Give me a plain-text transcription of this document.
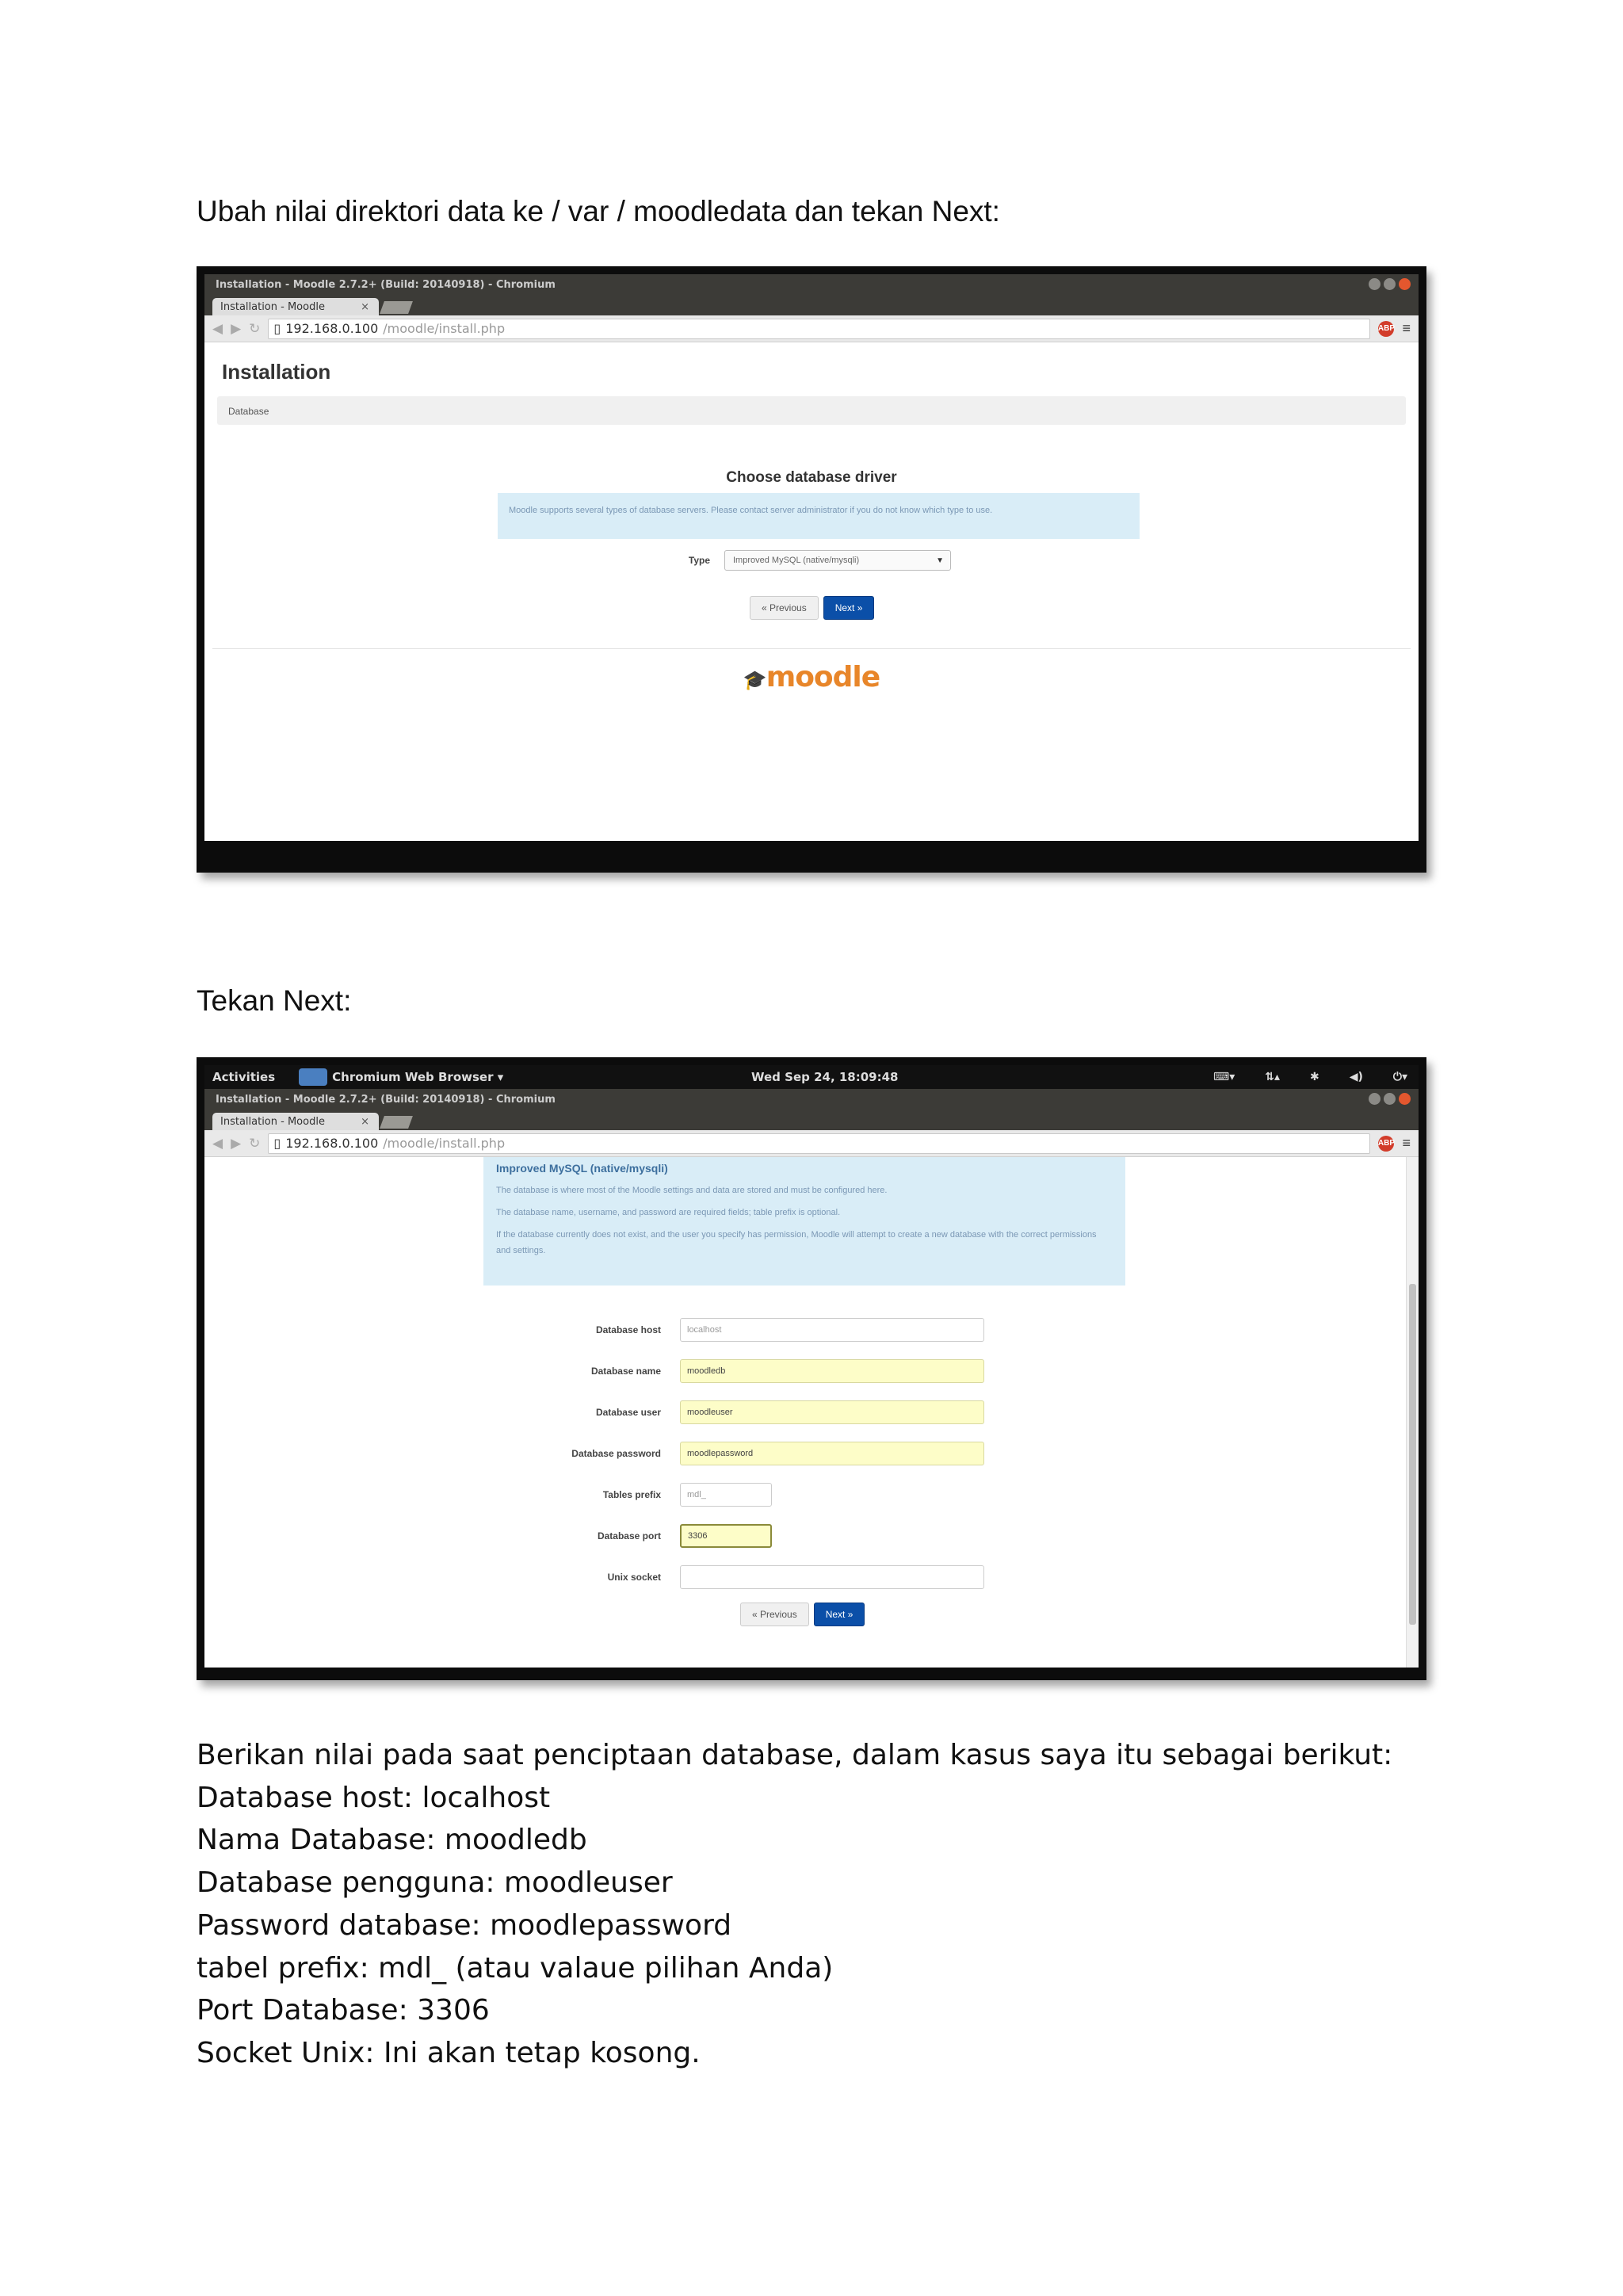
Ubah nilai direktori data ke / var / moodledata dan tekan Next:
Installation - Moodle 2.7.2+ (Build: 20140918) - Chromium
Installation - Moodle	×
◀ ▶ ↻ ▯ 192.168.0.100 /moodle/install.php	ABP ≡
Installation
Database
Choose database driver
Moodle supports several types of database servers. Please contact server administrator if you do not know which type to use.
Type	Improved MySQL (native/mysqli)	▼
« Previous	Next »
🎓moodle
Tekan Next:
Activities	Chromium Web Browser ▾	Wed Sep 24, 18:09:48	⌨▾	⇅▴	✱	◀)	⏻▾
Installation - Moodle 2.7.2+ (Build: 20140918) - Chromium
Installation - Moodle	×
◀ ▶ ↻ ▯ 192.168.0.100 /moodle/install.php	ABP ≡
Improved MySQL (native/mysqli)

The database is where most of the Moodle settings and data are stored and must be configured here.

The database name, username, and password are required fields; table prefix is optional.

If the database currently does not exist, and the user you specify has permission, Moodle will attempt to create a new database with the correct permissions and settings.

Database host	localhost
Database name	moodledb
Database user	moodleuser
Database password	moodlepassword
Tables prefix	mdl_
Database port	3306
Unix socket
« Previous	Next »
Berikan nilai pada saat penciptaan database, dalam kasus saya itu sebagai berikut:
Database host: localhost
Nama Database: moodledb
Database pengguna: moodleuser
Password database: moodlepassword
tabel prefix: mdl_ (atau valaue pilihan Anda)
Port Database: 3306
Socket Unix: Ini akan tetap kosong.
